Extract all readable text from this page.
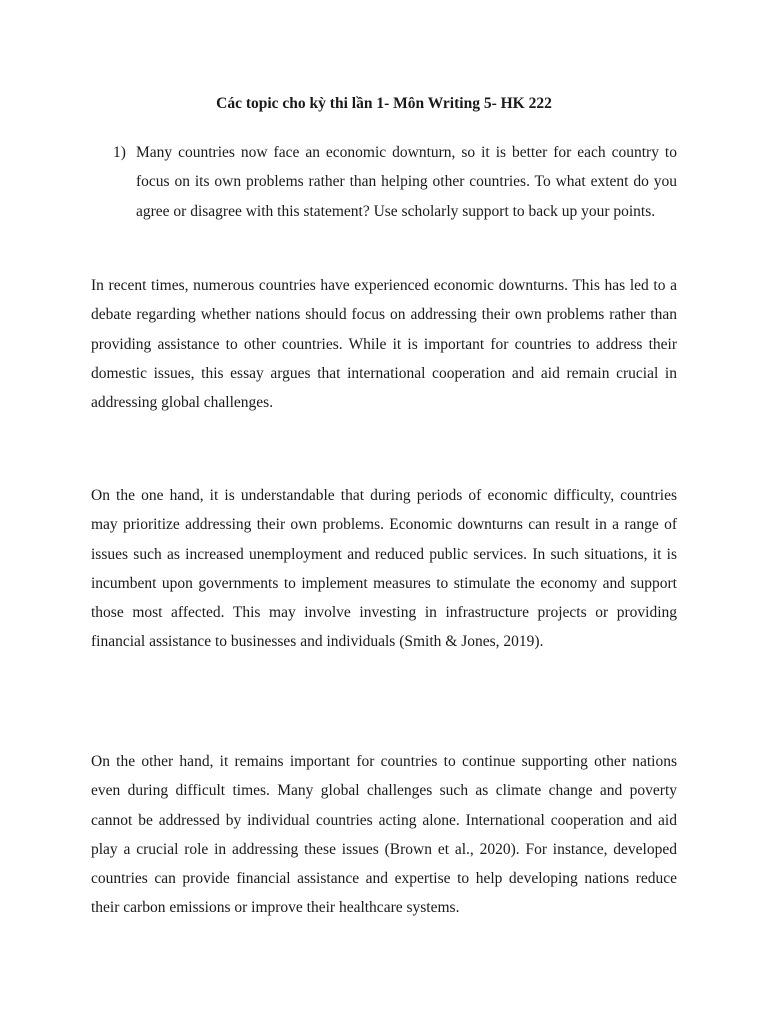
Các topic cho kỳ thi lần 1- Môn Writing 5- HK 222
1) Many countries now face an economic downturn, so it is better for each country to focus on its own problems rather than helping other countries. To what extent do you agree or disagree with this statement? Use scholarly support to back up your points.

In recent times, numerous countries have experienced economic downturns. This has led to a debate regarding whether nations should focus on addressing their own problems rather than providing assistance to other countries. While it is important for countries to address their domestic issues, this essay argues that international cooperation and aid remain crucial in addressing global challenges.

On the one hand, it is understandable that during periods of economic difficulty, countries may prioritize addressing their own problems. Economic downturns can result in a range of issues such as increased unemployment and reduced public services. In such situations, it is incumbent upon governments to implement measures to stimulate the economy and support those most affected. This may involve investing in infrastructure projects or providing financial assistance to businesses and individuals (Smith & Jones, 2019).

On the other hand, it remains important for countries to continue supporting other nations even during difficult times. Many global challenges such as climate change and poverty cannot be addressed by individual countries acting alone. International cooperation and aid play a crucial role in addressing these issues (Brown et al., 2020). For instance, developed countries can provide financial assistance and expertise to help developing nations reduce their carbon emissions or improve their healthcare systems.
